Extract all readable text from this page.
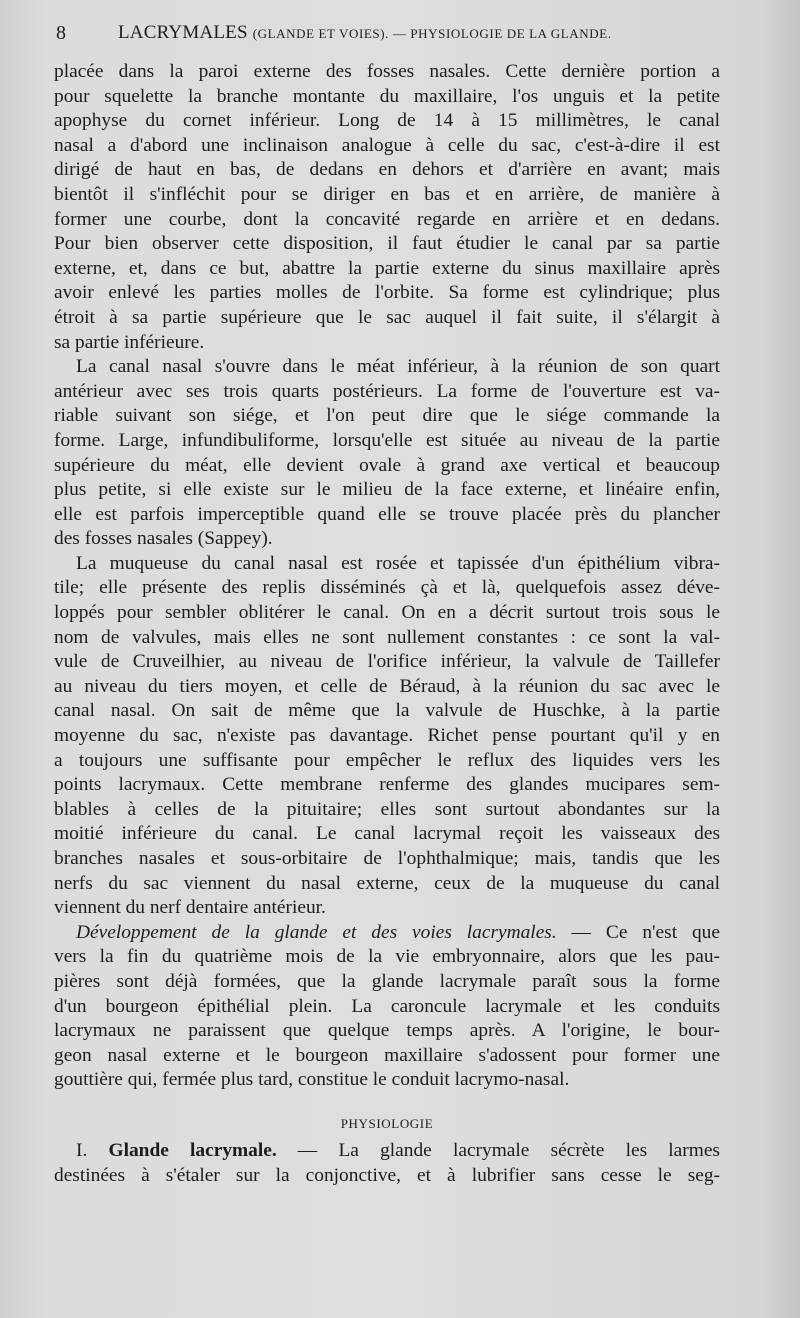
8	LACRYMALES (GLANDE ET VOIES). — PHYSIOLOGIE DE LA GLANDE.
placée dans la paroi externe des fosses nasales. Cette dernière portion a
pour squelette la branche montante du maxillaire, l'os unguis et la petite
apophyse du cornet inférieur. Long de 14 à 15 millimètres, le canal
nasal a d'abord une inclinaison analogue à celle du sac, c'est-à-dire il est
dirigé de haut en bas, de dedans en dehors et d'arrière en avant; mais
bientôt il s'infléchit pour se diriger en bas et en arrière, de manière à
former une courbe, dont la concavité regarde en arrière et en dedans.
Pour bien observer cette disposition, il faut étudier le canal par sa partie
externe, et, dans ce but, abattre la partie externe du sinus maxillaire après
avoir enlevé les parties molles de l'orbite. Sa forme est cylindrique; plus
étroit à sa partie supérieure que le sac auquel il fait suite, il s'élargit à
sa partie inférieure.
La canal nasal s'ouvre dans le méat inférieur, à la réunion de son quart
antérieur avec ses trois quarts postérieurs. La forme de l'ouverture est va-
riable suivant son siége, et l'on peut dire que le siége commande la
forme. Large, infundibuliforme, lorsqu'elle est située au niveau de la partie
supérieure du méat, elle devient ovale à grand axe vertical et beaucoup
plus petite, si elle existe sur le milieu de la face externe, et linéaire enfin,
elle est parfois imperceptible quand elle se trouve placée près du plancher
des fosses nasales (Sappey).
La muqueuse du canal nasal est rosée et tapissée d'un épithélium vibra-
tile; elle présente des replis disséminés çà et là, quelquefois assez déve-
loppés pour sembler oblitérer le canal. On en a décrit surtout trois sous le
nom de valvules, mais elles ne sont nullement constantes : ce sont la val-
vule de Cruveilhier, au niveau de l'orifice inférieur, la valvule de Taillefer
au niveau du tiers moyen, et celle de Béraud, à la réunion du sac avec le
canal nasal. On sait de même que la valvule de Huschke, à la partie
moyenne du sac, n'existe pas davantage. Richet pense pourtant qu'il y en
a toujours une suffisante pour empêcher le reflux des liquides vers les
points lacrymaux. Cette membrane renferme des glandes mucipares sem-
blables à celles de la pituitaire; elles sont surtout abondantes sur la
moitié inférieure du canal. Le canal lacrymal reçoit les vaisseaux des
branches nasales et sous-orbitaire de l'ophthalmique; mais, tandis que les
nerfs du sac viennent du nasal externe, ceux de la muqueuse du canal
viennent du nerf dentaire antérieur.
Développement de la glande et des voies lacrymales. — Ce n'est que
vers la fin du quatrième mois de la vie embryonnaire, alors que les pau-
pières sont déjà formées, que la glande lacrymale paraît sous la forme
d'un bourgeon épithélial plein. La caroncule lacrymale et les conduits
lacrymaux ne paraissent que quelque temps après. A l'origine, le bour-
geon nasal externe et le bourgeon maxillaire s'adossent pour former une
gouttière qui, fermée plus tard, constitue le conduit lacrymo-nasal.
PHYSIOLOGIE
I. Glande lacrymale. — La glande lacrymale sécrète les larmes
destinées à s'étaler sur la conjonctive, et à lubrifier sans cesse le seg-
